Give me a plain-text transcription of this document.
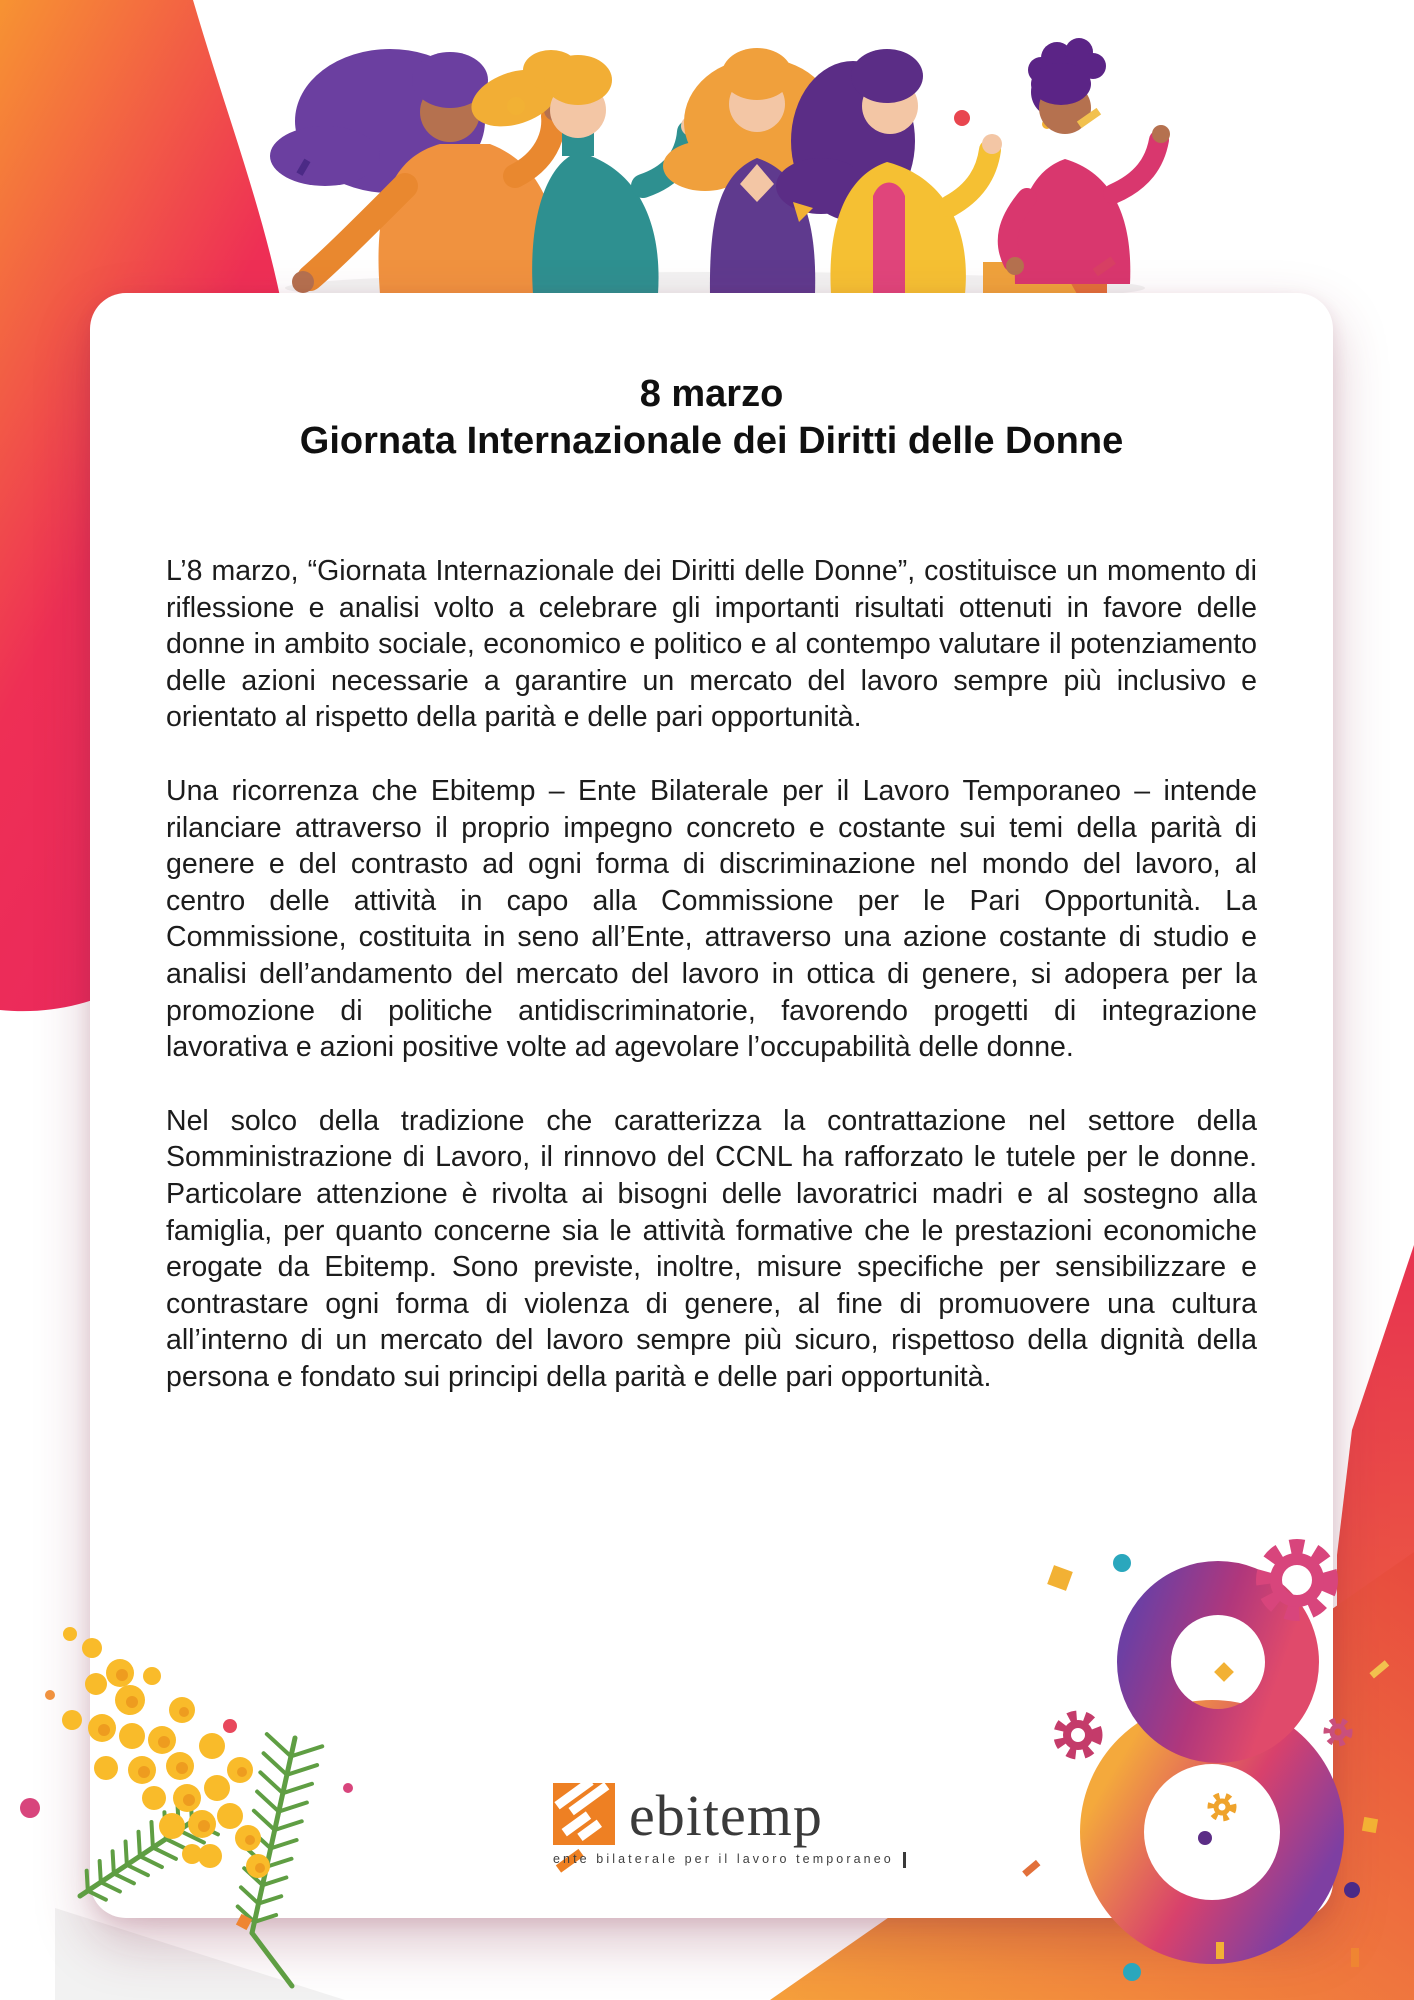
8 marzo
Giornata Internazionale dei Diritti delle Donne

L’8 marzo, “Giornata Internazionale dei Diritti delle Donne”, costituisce un momento di riflessione e analisi volto a celebrare gli importanti risultati ottenuti in favore delle donne in ambito sociale, economico e politico e al contempo valutare il potenziamento delle azioni necessarie a garantire un mercato del lavoro sempre più inclusivo e orientato al rispetto della parità e delle pari opportunità.

Una ricorrenza che Ebitemp – Ente Bilaterale per il Lavoro Temporaneo – intende rilanciare attraverso il proprio impegno concreto e costante sui temi della parità di genere e del contrasto ad ogni forma di discriminazione nel mondo del lavoro, al centro delle attività in capo alla Commissione per le Pari Opportunità. La Commissione, costituita in seno all’Ente, attraverso una azione costante di studio e analisi dell’andamento del mercato del lavoro in ottica di genere, si adopera per la promozione di politiche antidiscriminatorie, favorendo progetti di integrazione lavorativa e azioni positive volte ad agevolare l’occupabilità delle donne.

Nel solco della tradizione che caratterizza la contrattazione nel settore della Somministrazione di Lavoro, il rinnovo del CCNL ha rafforzato le tutele per le donne. Particolare attenzione è rivolta ai bisogni delle lavoratrici madri e al sostegno alla famiglia, per quanto concerne sia le attività formative che le prestazioni economiche erogate da Ebitemp. Sono previste, inoltre, misure specifiche per sensibilizzare e contrastare ogni forma di violenza di genere, al fine di promuovere una cultura all’interno di un mercato del lavoro sempre più sicuro, rispettoso della dignità della persona e fondato sui principi della parità e delle pari opportunità.

ebitemp
ente bilaterale per il lavoro temporaneo
